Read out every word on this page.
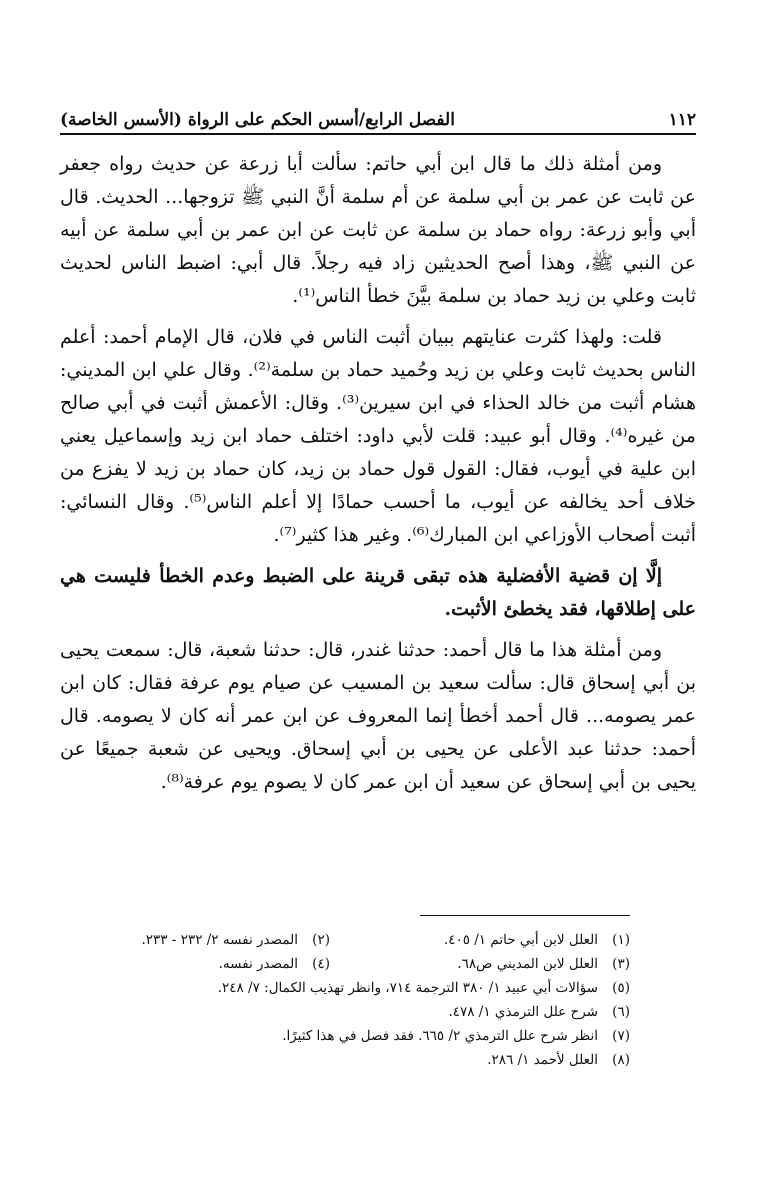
١١٢
الفصل الرابع/أسس الحكم على الرواة (الأسس الخاصة)

ومن أمثلة ذلك ما قال ابن أبي حاتم: سألت أبا زرعة عن حديث رواه جعفر عن ثابت عن عمر بن أبي سلمة عن أم سلمة أنَّ النبي ﷺ تزوجها... الحديث. قال أبي وأبو زرعة: رواه حماد بن سلمة عن ثابت عن ابن عمر بن أبي سلمة عن أبيه عن النبي ﷺ، وهذا أصح الحديثين زاد فيه رجلاً. قال أبي: اضبط الناس لحديث ثابت وعلي بن زيد حماد بن سلمة بيَّنَ خطأ الناس⁽¹⁾.

قلت: ولهذا كثرت عنايتهم ببيان أثبت الناس في فلان، قال الإمام أحمد: أعلم الناس بحديث ثابت وعلي بن زيد وحُميد حماد بن سلمة⁽²⁾. وقال علي ابن المديني: هشام أثبت من خالد الحذاء في ابن سيرين⁽³⁾. وقال: الأعمش أثبت في أبي صالح من غيره⁽⁴⁾. وقال أبو عبيد: قلت لأبي داود: اختلف حماد ابن زيد وإسماعيل يعني ابن علية في أيوب، فقال: القول قول حماد بن زيد، كان حماد بن زيد لا يفزع من خلاف أحد يخالفه عن أيوب، ما أحسب حمادًا إلا أعلم الناس⁽⁵⁾. وقال النسائي: أثبت أصحاب الأوزاعي ابن المبارك⁽⁶⁾. وغير هذا كثير⁽⁷⁾.

إلَّا إن قضية الأفضلية هذه تبقى قرينة على الضبط وعدم الخطأ فليست هي على إطلاقها، فقد يخطئ الأثبت.

ومن أمثلة هذا ما قال أحمد: حدثنا غندر، قال: حدثنا شعبة، قال: سمعت يحيى بن أبي إسحاق قال: سألت سعيد بن المسيب عن صيام يوم عرفة فقال: كان ابن عمر يصومه... قال أحمد أخطأ إنما المعروف عن ابن عمر أنه كان لا يصومه. قال أحمد: حدثنا عبد الأعلى عن يحيى بن أبي إسحاق. ويحيى عن شعبة جميعًا عن يحيى بن أبي إسحاق عن سعيد أن ابن عمر كان لا يصوم يوم عرفة⁽⁸⁾.

(١)
العلل لابن أبي حاتم ١/ ٤٠٥.
(٢)
المصدر نفسه ٢/ ٢٣٢ - ٢٣٣.
(٣)
العلل لابن المديني ص٦٨.
(٤)
المصدر نفسه.
(٥)
سؤالات أبي عبيد ١/ ٣٨٠ الترجمة ٧١٤، وانظر تهذيب الكمال: ٧/ ٢٤٨.
(٦)
شرح علل الترمذي ١/ ٤٧٨.
(٧)
انظر شرح علل الترمذي ٢/ ٦٦٥. فقد فصل في هذا كثيرًا.
(٨)
العلل لأحمد ١/ ٢٨٦.
